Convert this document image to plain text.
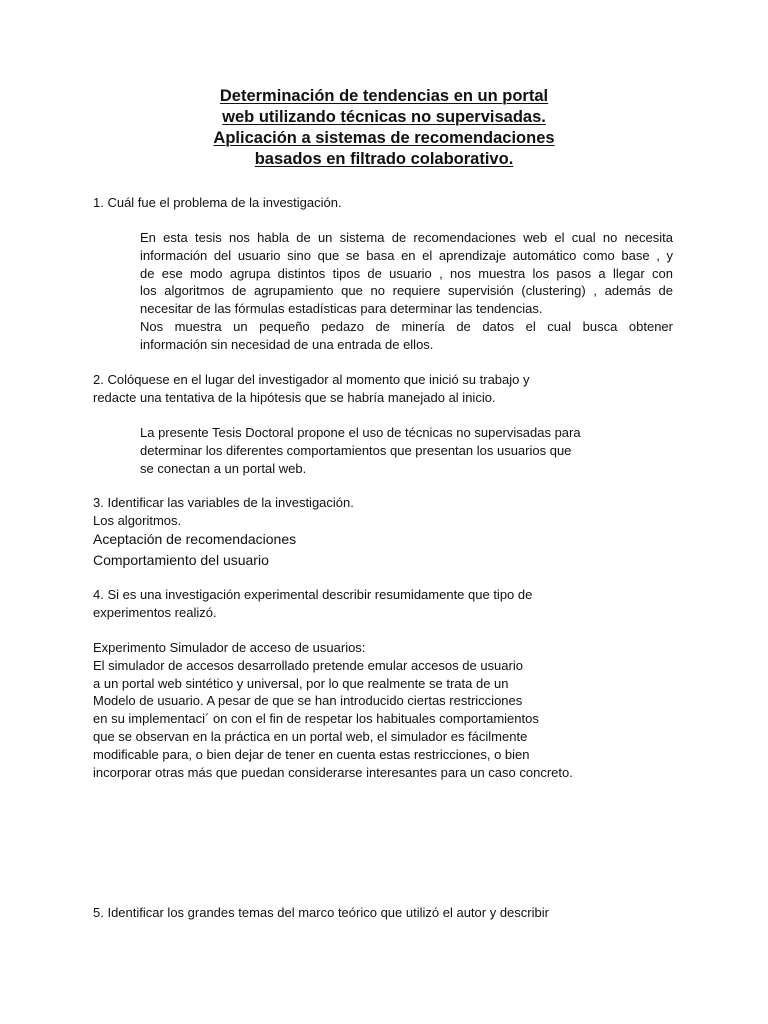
Determinación de tendencias en un portal
web utilizando técnicas no supervisadas.
Aplicación a sistemas de recomendaciones
basados en filtrado colaborativo.
1. Cuál fue el problema de la investigación.
En esta tesis nos habla de un sistema de recomendaciones web el cual no necesita
información del usuario sino que se basa en el aprendizaje automático como base , y
de ese modo agrupa distintos tipos de usuario , nos muestra los pasos a llegar con
los algoritmos de agrupamiento que no requiere supervisión (clustering) , además de
necesitar de las fórmulas estadísticas para determinar las tendencias.
Nos muestra un pequeño pedazo de minería de datos el cual busca obtener
información sin necesidad de una entrada de ellos.
2. Colóquese en el lugar del investigador al momento que inició su trabajo y
redacte una tentativa de la hipótesis que se habría manejado al inicio.
La presente Tesis Doctoral propone el uso de técnicas no supervisadas para
determinar los diferentes comportamientos que presentan los usuarios que
se conectan a un portal web.
3. Identificar las variables de la investigación.
Los algoritmos.
Aceptación de recomendaciones
Comportamiento del usuario
4. Si es una investigación experimental describir resumidamente que tipo de
experimentos realizó.
Experimento Simulador de acceso de usuarios:
El simulador de accesos desarrollado pretende emular accesos de usuario
a un portal web sintético y universal, por lo que realmente se trata de un
Modelo de usuario. A pesar de que se han introducido ciertas restricciones
en su implementaci´ on con el fin de respetar los habituales comportamientos
que se observan en la práctica en un portal web, el simulador es fácilmente
modificable para, o bien dejar de tener en cuenta estas restricciones, o bien
incorporar otras más que puedan considerarse interesantes para un caso concreto.
5. Identificar los grandes temas del marco teórico que utilizó el autor y describir
